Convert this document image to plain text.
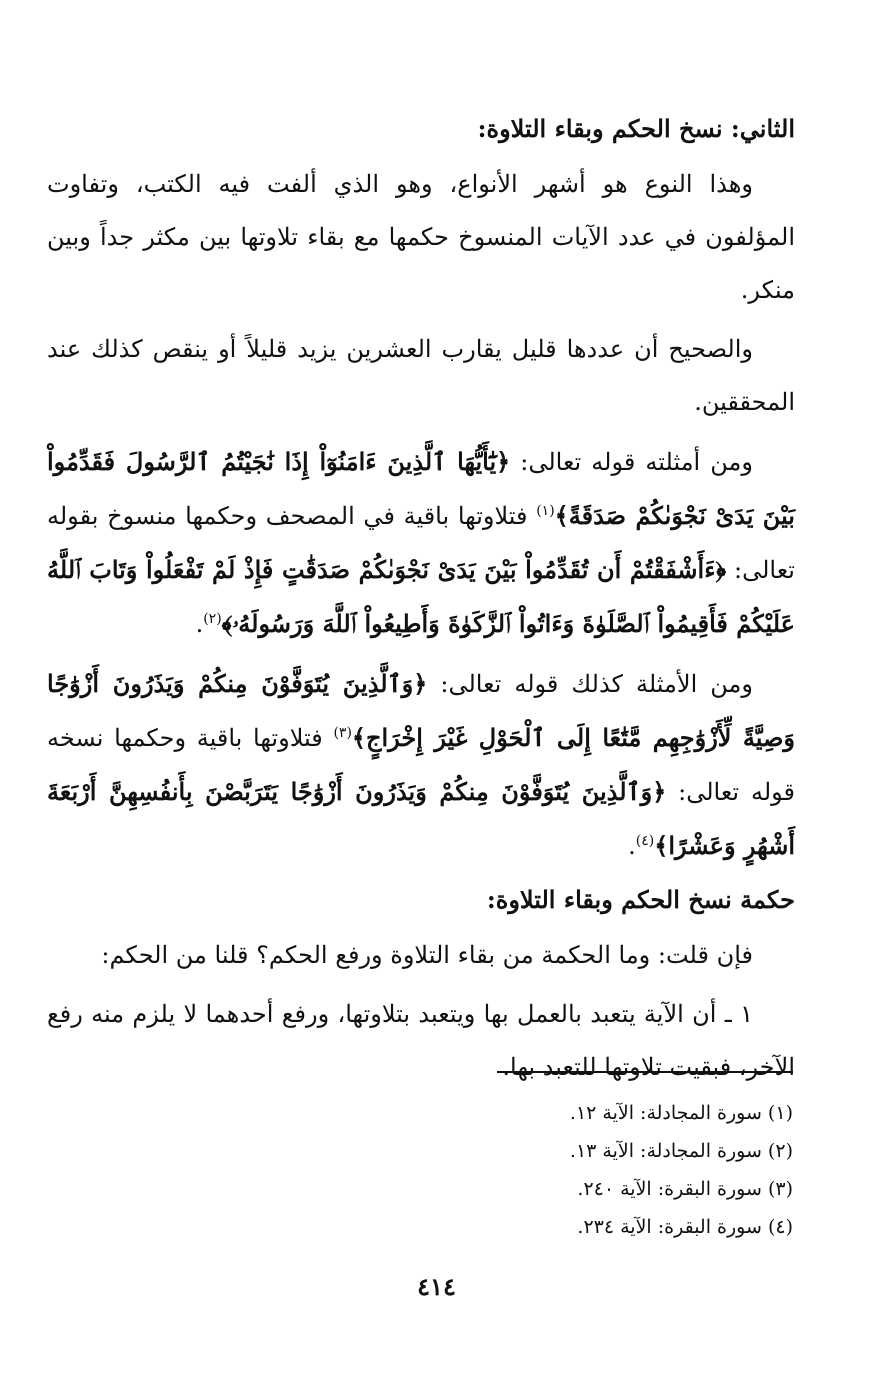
الثاني: نسخ الحكم وبقاء التلاوة:

وهذا النوع هو أشهر الأنواع، وهو الذي ألفت فيه الكتب، وتفاوت المؤلفون في عدد الآيات المنسوخ حكمها مع بقاء تلاوتها بين مكثر جداً وبين منكر.

والصحيح أن عددها قليل يقارب العشرين يزيد قليلاً أو ينقص كذلك عند المحققين.

ومن أمثلته قوله تعالى: ﴿يَٰٓأَيُّهَا ٱلَّذِينَ ءَامَنُوٓاْ إِذَا نَٰجَيْتُمُ ٱلرَّسُولَ فَقَدِّمُواْ بَيْنَ يَدَىْ نَجْوَىٰكُمْ صَدَقَةً﴾$^{(١)}$ فتلاوتها باقية في المصحف وحكمها منسوخ بقوله تعالى: ﴿ءَأَشْفَقْتُمْ أَن تُقَدِّمُواْ بَيْنَ يَدَىْ نَجْوَىٰكُمْ صَدَقَٰتٍ فَإِذْ لَمْ تَفْعَلُواْ وَتَابَ ٱللَّهُ عَلَيْكُمْ فَأَقِيمُواْ ٱلصَّلَوٰةَ وَءَاتُواْ ٱلزَّكَوٰةَ وَأَطِيعُواْ ٱللَّهَ وَرَسُولَهُۥ﴾$^{(٢)}$.

ومن الأمثلة كذلك قوله تعالى: ﴿وَٱلَّذِينَ يُتَوَفَّوْنَ مِنكُمْ وَيَذَرُونَ أَزْوَٰجًا وَصِيَّةً لِّأَزْوَٰجِهِم مَّتَٰعًا إِلَى ٱلْحَوْلِ غَيْرَ إِخْرَاجٍ﴾$^{(٣)}$ فتلاوتها باقية وحكمها نسخه قوله تعالى: ﴿وَٱلَّذِينَ يُتَوَفَّوْنَ مِنكُمْ وَيَذَرُونَ أَزْوَٰجًا يَتَرَبَّصْنَ بِأَنفُسِهِنَّ أَرْبَعَةَ أَشْهُرٍ وَعَشْرًا﴾$^{(٤)}$.

حكمة نسخ الحكم وبقاء التلاوة:

فإن قلت: وما الحكمة من بقاء التلاوة ورفع الحكم؟ قلنا من الحكم:

١ ـ أن الآية يتعبد بالعمل بها ويتعبد بتلاوتها، ورفع أحدهما لا يلزم منه رفع الآخر، فبقيت تلاوتها للتعبد بها.

(١) سورة المجادلة: الآية ١٢.

(٢) سورة المجادلة: الآية ١٣.

(٣) سورة البقرة: الآية ٢٤٠.

(٤) سورة البقرة: الآية ٢٣٤.

٤١٤
